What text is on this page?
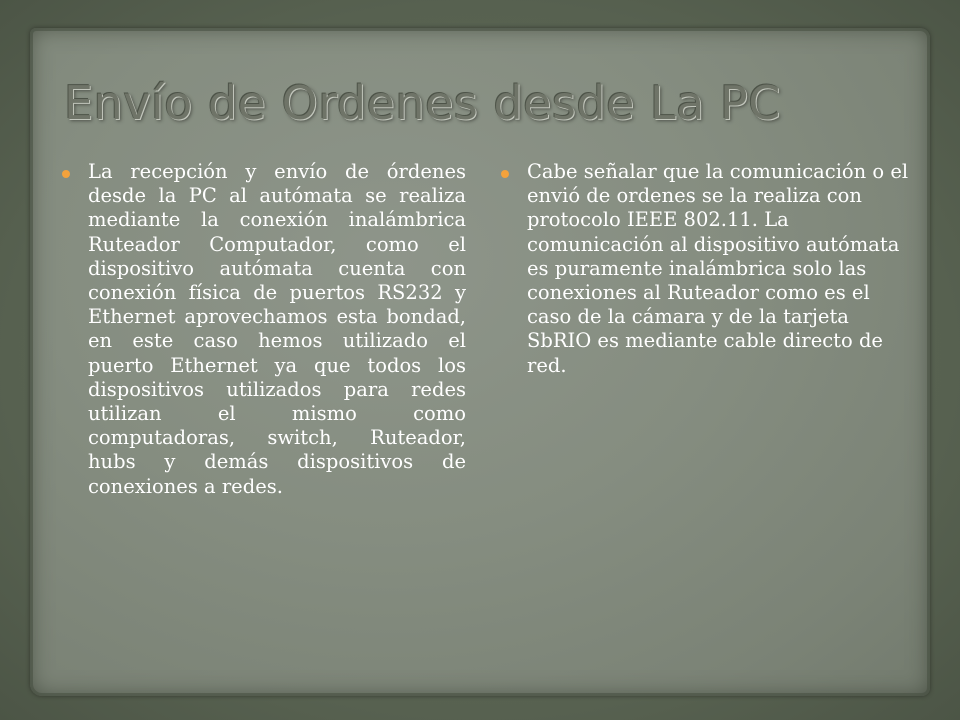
Envío de Ordenes desde La PC

La recepción y envío de órdenes desde la PC al autómata se realiza mediante la conexión inalámbrica Ruteador Computador, como el dispositivo autómata cuenta con conexión física de puertos RS232 y Ethernet aprovechamos esta bondad, en este caso hemos utilizado el puerto Ethernet ya que todos los dispositivos utilizados para redes utilizan el mismo como computadoras, switch, Ruteador, hubs y demás dispositivos de conexiones a redes.

Cabe señalar que la comunicación o el envió de ordenes se la realiza con protocolo IEEE 802.11. La comunicación al dispositivo autómata es puramente inalámbrica solo las conexiones al Ruteador como es el caso de la cámara y de la tarjeta SbRIO es mediante cable directo de red.
